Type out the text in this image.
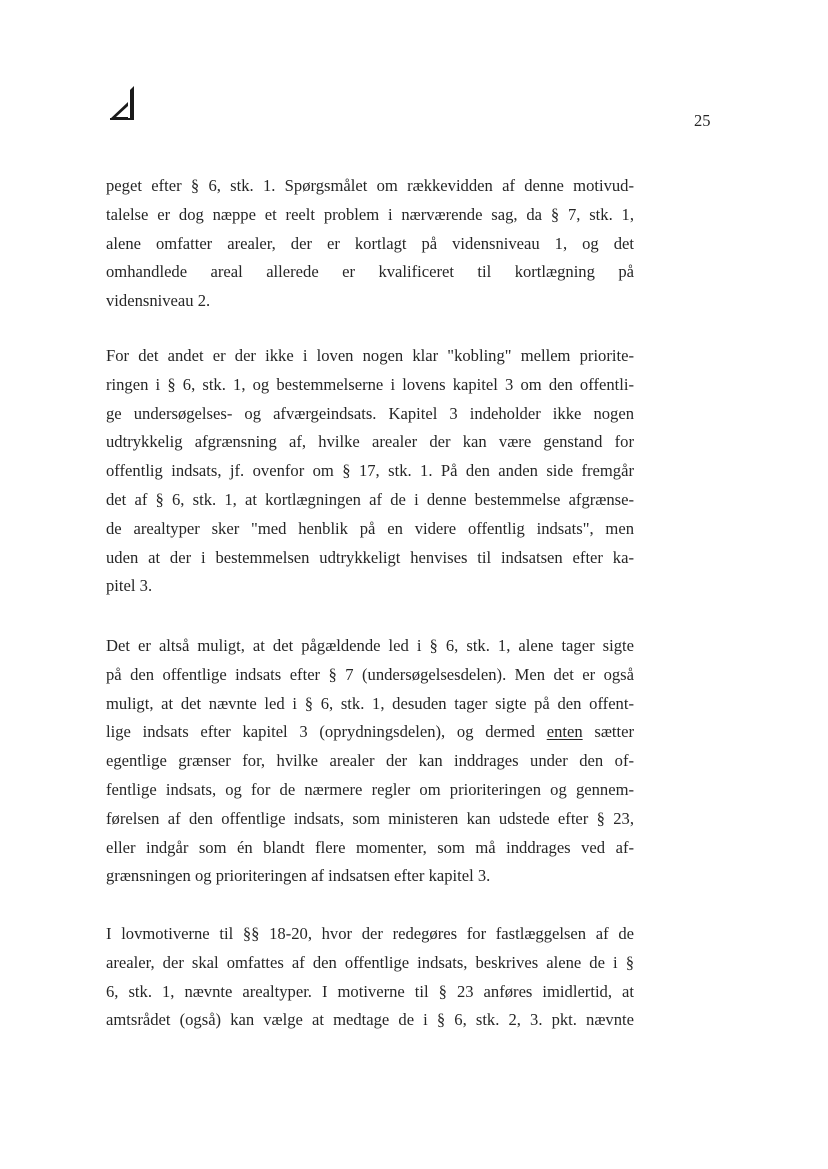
25
peget efter § 6, stk. 1. Spørgsmålet om rækkevidden af denne motivud-
talelse er dog næppe et reelt problem i nærværende sag, da § 7, stk. 1,
alene omfatter arealer, der er kortlagt på vidensniveau 1, og det
omhandlede areal allerede er kvalificeret til kortlægning på
vidensniveau 2.
For det andet er der ikke i loven nogen klar "kobling" mellem priorite-
ringen i § 6, stk. 1, og bestemmelserne i lovens kapitel 3 om den offentli-
ge undersøgelses- og afværgeindsats. Kapitel 3 indeholder ikke nogen
udtrykkelig afgrænsning af, hvilke arealer der kan være genstand for
offentlig indsats, jf. ovenfor om § 17, stk. 1. På den anden side fremgår
det af § 6, stk. 1, at kortlægningen af de i denne bestemmelse afgrænse-
de arealtyper sker "med henblik på en videre offentlig indsats", men
uden at der i bestemmelsen udtrykkeligt henvises til indsatsen efter ka-
pitel 3.
Det er altså muligt, at det pågældende led i § 6, stk. 1, alene tager sigte
på den offentlige indsats efter § 7 (undersøgelsesdelen). Men det er også
muligt, at det nævnte led i § 6, stk. 1, desuden tager sigte på den offent-
lige indsats efter kapitel 3 (oprydningsdelen), og dermed enten sætter
egentlige grænser for, hvilke arealer der kan inddrages under den of-
fentlige indsats, og for de nærmere regler om prioriteringen og gennem-
førelsen af den offentlige indsats, som ministeren kan udstede efter § 23,
eller indgår som én blandt flere momenter, som må inddrages ved af-
grænsningen og prioriteringen af indsatsen efter kapitel 3.
I lovmotiverne til §§ 18-20, hvor der redegøres for fastlæggelsen af de
arealer, der skal omfattes af den offentlige indsats, beskrives alene de i §
6, stk. 1, nævnte arealtyper. I motiverne til § 23 anføres imidlertid, at
amtsrådet (også) kan vælge at medtage de i § 6, stk. 2, 3. pkt. nævnte
